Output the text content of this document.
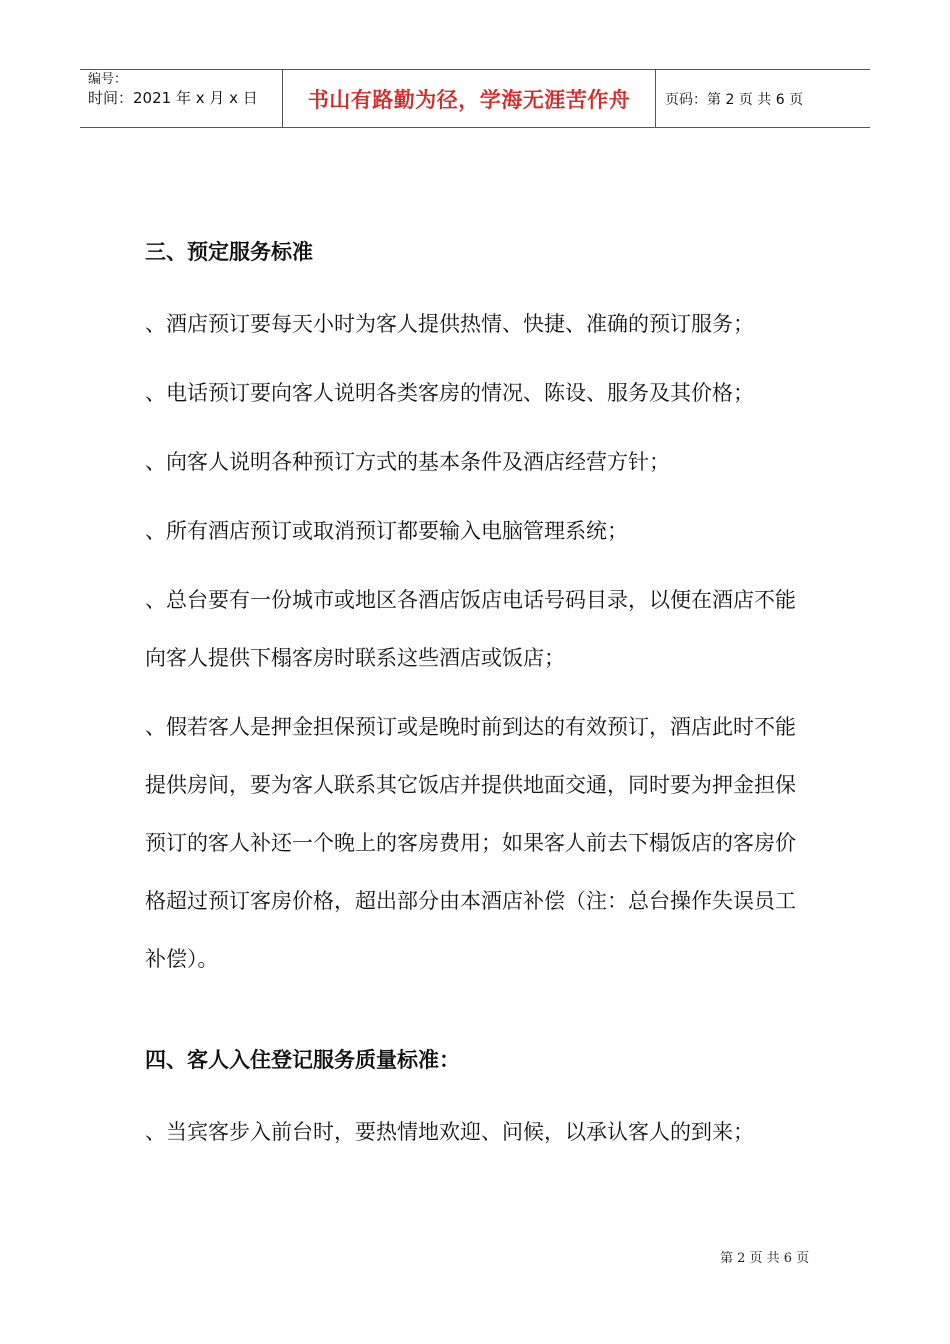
编号：
时间：2021 年 x 月 x 日 书山有路勤为径，学海无涯苦作舟 页码：第 2 页 共 6 页
三、预定服务标准

、酒店预订要每天小时为客人提供热情、快捷、准确的预订服务；

、电话预订要向客人说明各类客房的情况、陈设、服务及其价格；

、向客人说明各种预订方式的基本条件及酒店经营方针；

、所有酒店预订或取消预订都要输入电脑管理系统；

、总台要有一份城市或地区各酒店饭店电话号码目录，以便在酒店不能向客人提供下榻客房时联系这些酒店或饭店；

、假若客人是押金担保预订或是晚时前到达的有效预订，酒店此时不能提供房间，要为客人联系其它饭店并提供地面交通，同时要为押金担保预订的客人补还一个晚上的客房费用；如果客人前去下榻饭店的客房价格超过预订客房价格，超出部分由本酒店补偿（注：总台操作失误员工补偿）。

四、客人入住登记服务质量标准：

、当宾客步入前台时，要热情地欢迎、问候，以承认客人的到来；

第 2 页 共 6 页
